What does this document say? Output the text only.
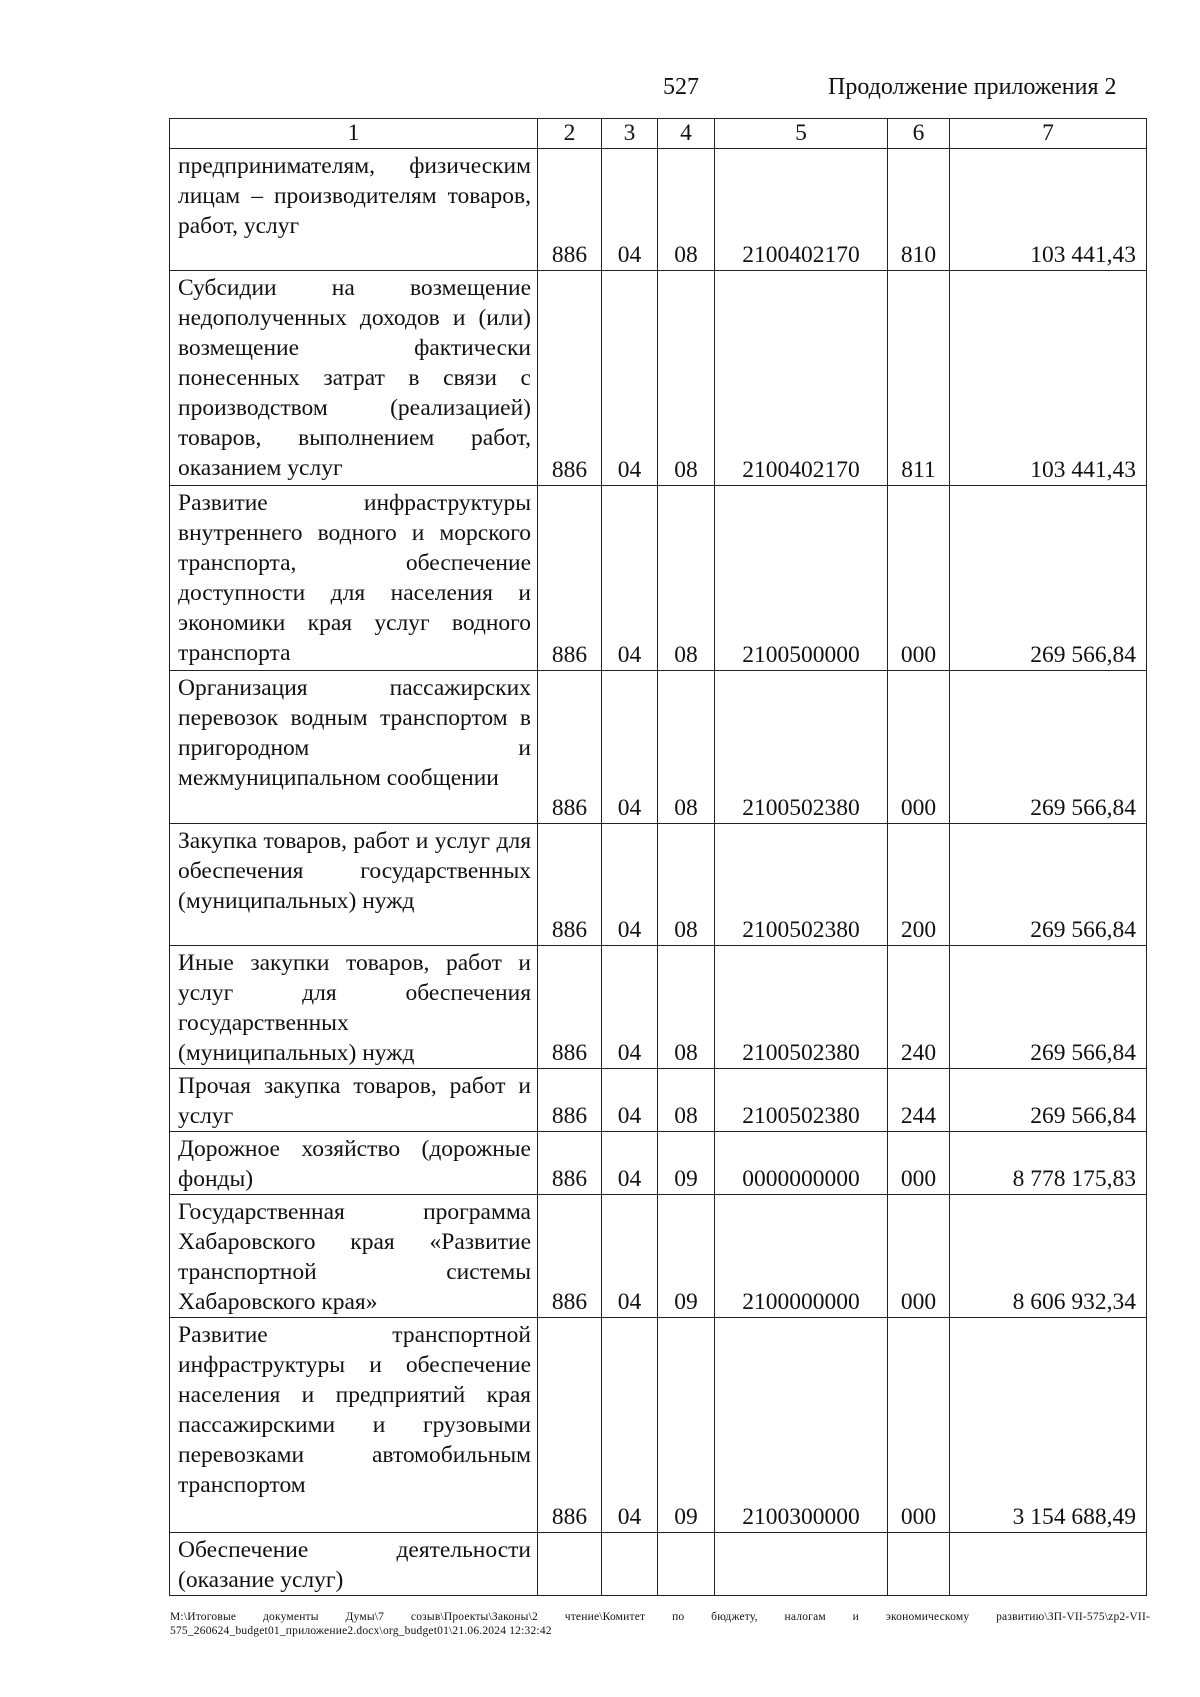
527	Продолжение приложения 2
1	2	3	4	5	6	7

предпринимателям, физическим лицам – производителям товаров, работ, услуг	886	04	08	2100402170	810	103 441,43

Субсидии на возмещение недополученных доходов и (или) возмещение фактически понесенных затрат в связи с производством (реализацией) товаров, выполнением работ, оказанием услуг	886	04	08	2100402170	811	103 441,43

Развитие инфраструктуры внутреннего водного и морского транспорта, обеспечение доступности для населения и экономики края услуг водного транспорта	886	04	08	2100500000	000	269 566,84

Организация пассажирских перевозок водным транспортом в пригородном и межмуниципальном сообщении	886	04	08	2100502380	000	269 566,84

Закупка товаров, работ и услуг для обеспечения государственных (муниципальных) нужд	886	04	08	2100502380	200	269 566,84

Иные закупки товаров, работ и услуг для обеспечения государственных (муниципальных) нужд	886	04	08	2100502380	240	269 566,84

Прочая закупка товаров, работ и услуг	886	04	08	2100502380	244	269 566,84

Дорожное хозяйство (дорожные фонды)	886	04	09	0000000000	000	8 778 175,83

Государственная программа Хабаровского края «Развитие транспортной системы Хабаровского края»	886	04	09	2100000000	000	8 606 932,34

Развитие транспортной инфраструктуры и обеспечение населения и предприятий края пассажирскими и грузовыми перевозками автомобильным транспортом	886	04	09	2100300000	000	3 154 688,49

Обеспечение деятельности (оказание услуг)						

M:\Итоговые документы Думы\7 созыв\Проекты\Законы\2 чтение\Комитет по бюджету, налогам и экономическому развитию\ЗП-VII-575\zp2-VII-575_260624_budget01_приложение2.docx\org_budget01\21.06.2024 12:32:42
